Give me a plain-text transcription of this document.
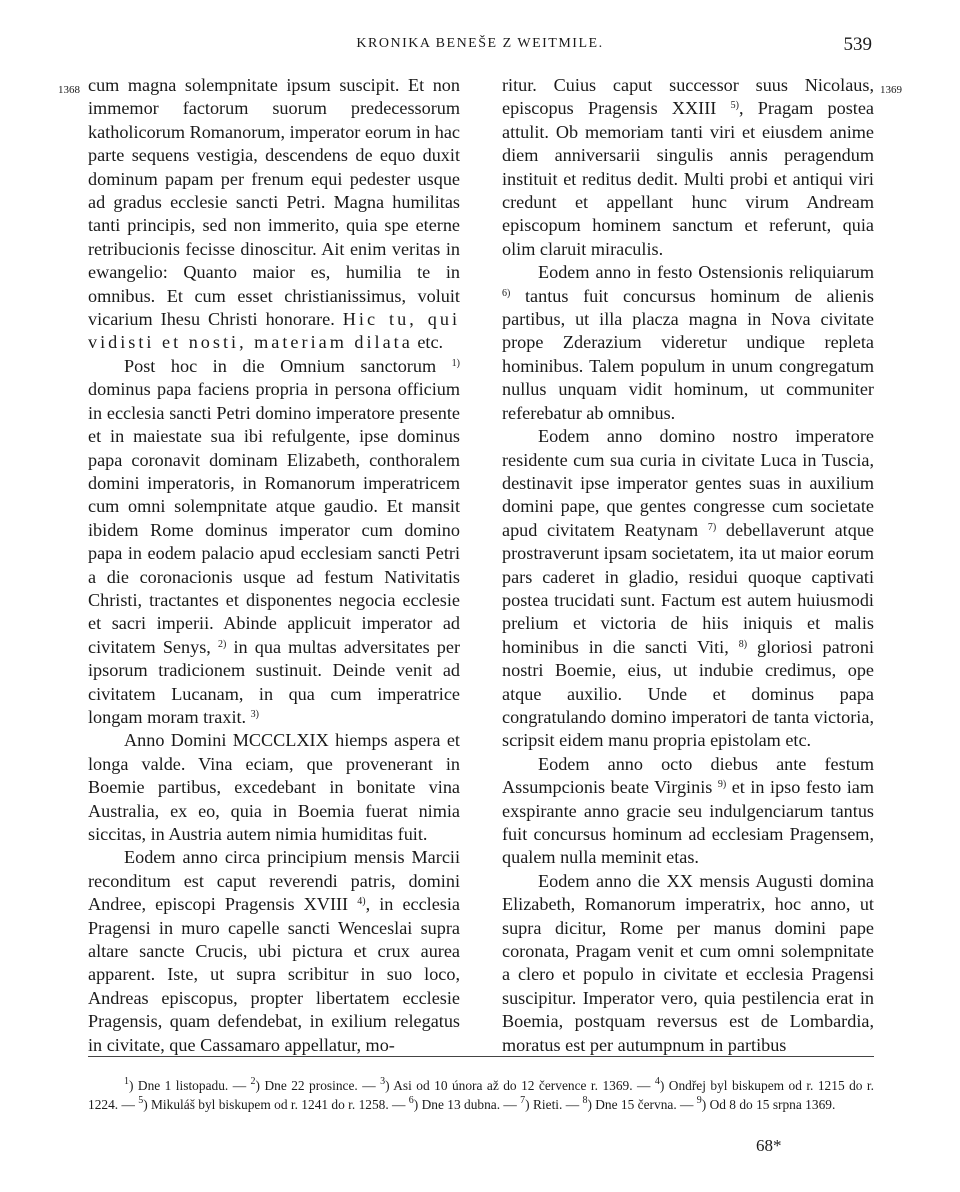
KRONIKA BENEŠE Z WEITMILE.	539
1368	1369

cum magna solempnitate ipsum suscipit. Et non immemor factorum suorum predecessorum katholicorum Romanorum, imperator eorum in hac parte sequens vestigia, descendens de equo duxit dominum papam per frenum equi pedester usque ad gradus ecclesie sancti Petri. Magna humilitas tanti principis, sed non immerito, quia spe eterne retribucionis fecisse dinoscitur. Ait enim veritas in ewangelio: Quanto maior es, humilia te in omnibus. Et cum esset christianissimus, voluit vicarium Ihesu Christi honorare. Hic tu, qui vidisti et nosti, materiam dilata etc.

Post hoc in die Omnium sanctorum $^{1)}$ dominus papa faciens propria in persona officium in ecclesia sancti Petri domino imperatore presente et in maiestate sua ibi refulgente, ipse dominus papa coronavit dominam Elizabeth, conthoralem domini imperatoris, in Romanorum imperatricem cum omni solempnitate atque gaudio. Et mansit ibidem Rome dominus imperator cum domino papa in eodem palacio apud ecclesiam sancti Petri a die coronacionis usque ad festum Nativitatis Christi, tractantes et disponentes negocia ecclesie et sacri imperii. Abinde applicuit imperator ad civitatem Senys, $^{2)}$ in qua multas adversitates per ipsorum tradicionem sustinuit. Deinde venit ad civitatem Lucanam, in qua cum imperatrice longam moram traxit. $^{3)}$

Anno Domini MCCCLXIX hiemps aspera et longa valde. Vina eciam, que provenerant in Boemie partibus, excedebant in bonitate vina Australia, ex eo, quia in Boemia fuerat nimia siccitas, in Austria autem nimia humiditas fuit.

Eodem anno circa principium mensis Marcii reconditum est caput reverendi patris, domini Andree, episcopi Pragensis XVIII $^{4)}$, in ecclesia Pragensi in muro capelle sancti Wenceslai supra altare sancte Crucis, ubi pictura et crux aurea apparent. Iste, ut supra scribitur in suo loco, Andreas episcopus, propter libertatem ecclesie Pragensis, quam defendebat, in exilium relegatus in civitate, que Cassamaro appellatur, mo-

ritur. Cuius caput successor suus Nicolaus, episcopus Pragensis XXIII $^{5)}$, Pragam postea attulit. Ob memoriam tanti viri et eiusdem anime diem anniversarii singulis annis peragendum instituit et reditus dedit. Multi probi et antiqui viri credunt et appellant hunc virum Andream episcopum hominem sanctum et referunt, quia olim claruit miraculis.

Eodem anno in festo Ostensionis reliquiarum $^{6)}$ tantus fuit concursus hominum de alienis partibus, ut illa placza magna in Nova civitate prope Zderazium videretur undique repleta hominibus. Talem populum in unum congregatum nullus unquam vidit hominum, ut communiter referebatur ab omnibus.

Eodem anno domino nostro imperatore residente cum sua curia in civitate Luca in Tuscia, destinavit ipse imperator gentes suas in auxilium domini pape, que gentes congresse cum societate apud civitatem Reatynam $^{7)}$ debellaverunt atque prostraverunt ipsam societatem, ita ut maior eorum pars caderet in gladio, residui quoque captivati postea trucidati sunt. Factum est autem huiusmodi prelium et victoria de hiis iniquis et malis hominibus in die sancti Viti, $^{8)}$ gloriosi patroni nostri Boemie, eius, ut indubie credimus, ope atque auxilio. Unde et dominus papa congratulando domino imperatori de tanta victoria, scripsit eidem manu propria epistolam etc.

Eodem anno octo diebus ante festum Assumpcionis beate Virginis $^{9)}$ et in ipso festo iam exspirante anno gracie seu indulgenciarum tantus fuit concursus hominum ad ecclesiam Pragensem, qualem nulla meminit etas.

Eodem anno die XX mensis Augusti domina Elizabeth, Romanorum imperatrix, hoc anno, ut supra dicitur, Rome per manus domini pape coronata, Pragam venit et cum omni solempnitate a clero et populo in civitate et ecclesia Pragensi suscipitur. Imperator vero, quia pestilencia erat in Boemia, postquam reversus est de Lombardia, moratus est per autumpnum in partibus

$^1$) Dne 1 listopadu. — $^2$) Dne 22 prosince. — $^3$) Asi od 10 února až do 12 července r. 1369. — $^4$) Ondřej byl biskupem od r. 1215 do r. 1224. — $^5$) Mikuláš byl biskupem od r. 1241 do r. 1258. — $^6$) Dne 13 dubna. — $^7$) Rieti. — $^8$) Dne 15 června. — $^9$) Od 8 do 15 srpna 1369.

68*
